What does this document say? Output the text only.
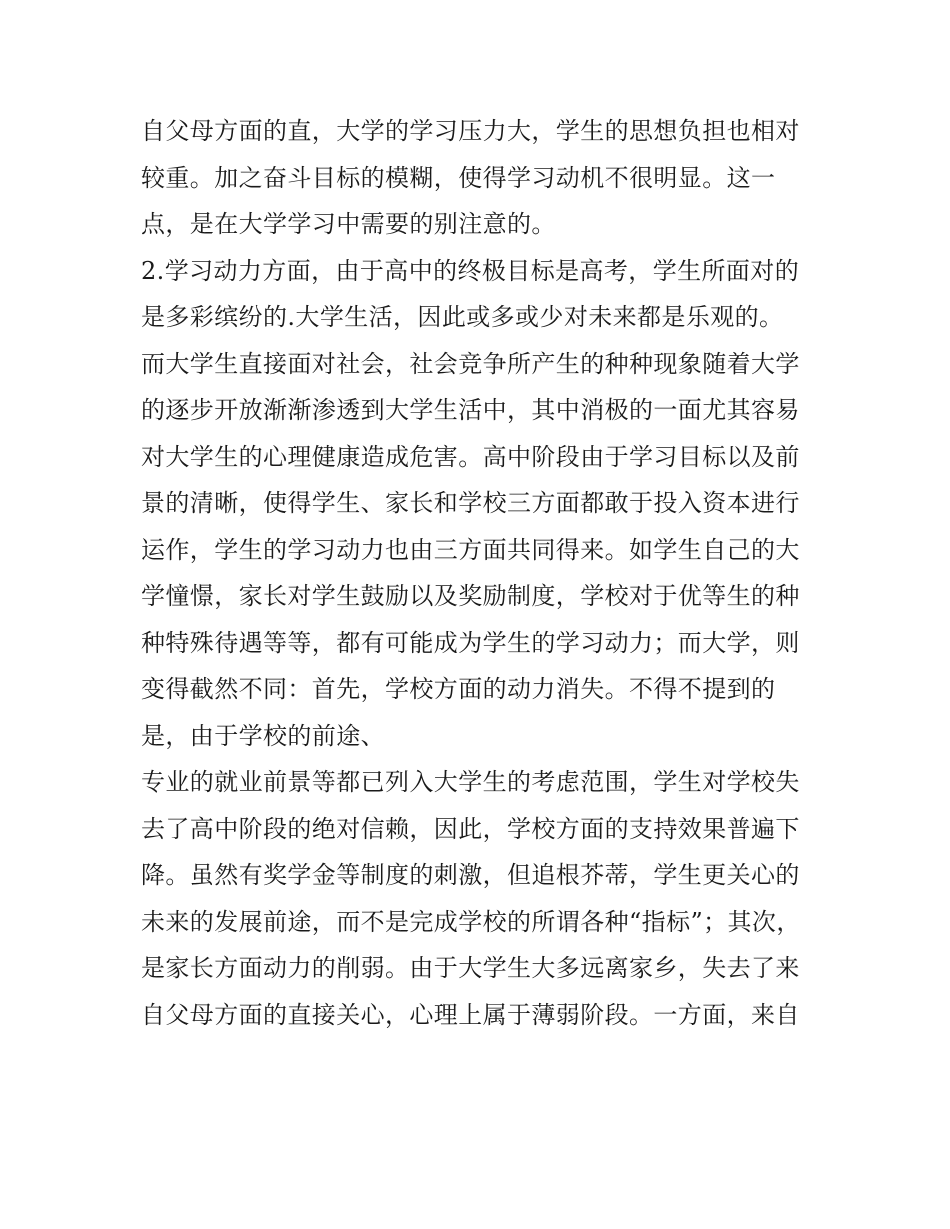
自父母方面的直，大学的学习压力大，学生的思想负担也相对
较重。加之奋斗目标的模糊，使得学习动机不很明显。这一
点，是在大学学习中需要的别注意的。
2.学习动力方面，由于高中的终极目标是高考，学生所面对的
是多彩缤纷的.大学生活，因此或多或少对未来都是乐观的。
而大学生直接面对社会，社会竞争所产生的种种现象随着大学
的逐步开放渐渐渗透到大学生活中，其中消极的一面尤其容易
对大学生的心理健康造成危害。高中阶段由于学习目标以及前
景的清晰，使得学生、家长和学校三方面都敢于投入资本进行
运作，学生的学习动力也由三方面共同得来。如学生自己的大
学憧憬，家长对学生鼓励以及奖励制度，学校对于优等生的种
种特殊待遇等等，都有可能成为学生的学习动力；而大学，则
变得截然不同：首先，学校方面的动力消失。不得不提到的
是，由于学校的前途、
专业的就业前景等都已列入大学生的考虑范围，学生对学校失
去了高中阶段的绝对信赖，因此，学校方面的支持效果普遍下
降。虽然有奖学金等制度的刺激，但追根芥蒂，学生更关心的
未来的发展前途，而不是完成学校的所谓各种“指标”；其次，
是家长方面动力的削弱。由于大学生大多远离家乡，失去了来
自父母方面的直接关心，心理上属于薄弱阶段。一方面，来自
